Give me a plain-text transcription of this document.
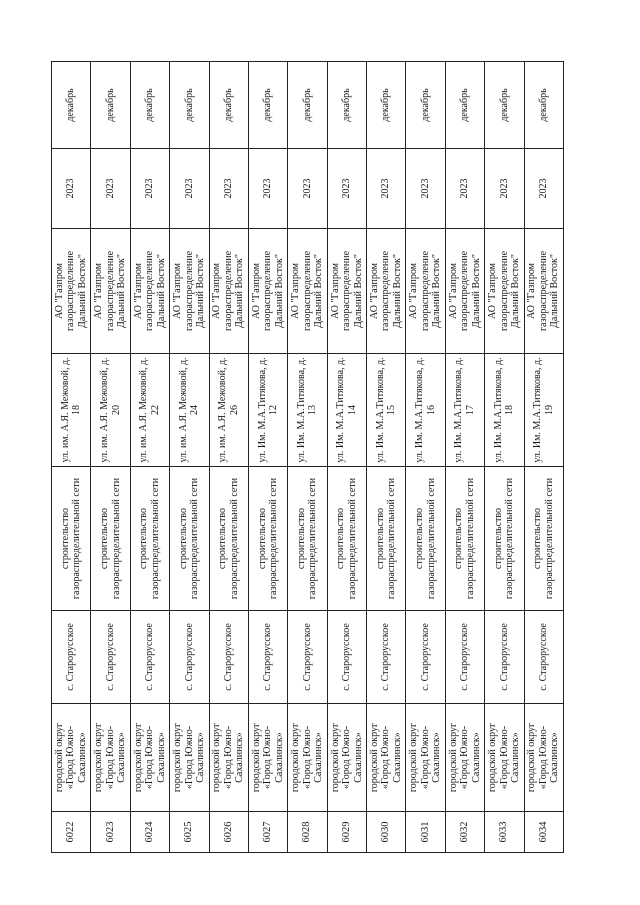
6022	городской округ «Город Южно-Сахалинск»	с. Старорусское	строительство газораспределительной сети	ул. им. А.Я. Межовой, д. 18	АО "Газпром газораспределение Дальний Восток"	2023	декабрь
6023	городской округ «Город Южно-Сахалинск»	с. Старорусское	строительство газораспределительной сети	ул. им. А.Я. Межовой, д. 20	АО "Газпром газораспределение Дальний Восток"	2023	декабрь
6024	городской округ «Город Южно-Сахалинск»	с. Старорусское	строительство газораспределительной сети	ул. им. А.Я. Межовой, д. 22	АО "Газпром газораспределение Дальний Восток"	2023	декабрь
6025	городской округ «Город Южно-Сахалинск»	с. Старорусское	строительство газораспределительной сети	ул. им. А.Я. Межовой, д. 24	АО "Газпром газораспределение Дальний Восток"	2023	декабрь
6026	городской округ «Город Южно-Сахалинск»	с. Старорусское	строительство газораспределительной сети	ул. им. А.Я. Межовой, д. 26	АО "Газпром газораспределение Дальний Восток"	2023	декабрь
6027	городской округ «Город Южно-Сахалинск»	с. Старорусское	строительство газораспределительной сети	ул. Им. М.А.Титякова, д. 12	АО "Газпром газораспределение Дальний Восток"	2023	декабрь
6028	городской округ «Город Южно-Сахалинск»	с. Старорусское	строительство газораспределительной сети	ул. Им. М.А.Титякова, д. 13	АО "Газпром газораспределение Дальний Восток"	2023	декабрь
6029	городской округ «Город Южно-Сахалинск»	с. Старорусское	строительство газораспределительной сети	ул. Им. М.А.Титякова, д. 14	АО "Газпром газораспределение Дальний Восток"	2023	декабрь
6030	городской округ «Город Южно-Сахалинск»	с. Старорусское	строительство газораспределительной сети	ул. Им. М.А.Титякова, д. 15	АО "Газпром газораспределение Дальний Восток"	2023	декабрь
6031	городской округ «Город Южно-Сахалинск»	с. Старорусское	строительство газораспределительной сети	ул. Им. М.А.Титякова, д. 16	АО "Газпром газораспределение Дальний Восток"	2023	декабрь
6032	городской округ «Город Южно-Сахалинск»	с. Старорусское	строительство газораспределительной сети	ул. Им. М.А.Титякова, д. 17	АО "Газпром газораспределение Дальний Восток"	2023	декабрь
6033	городской округ «Город Южно-Сахалинск»	с. Старорусское	строительство газораспределительной сети	ул. Им. М.А.Титякова, д. 18	АО "Газпром газораспределение Дальний Восток"	2023	декабрь
6034	городской округ «Город Южно-Сахалинск»	с. Старорусское	строительство газораспределительной сети	ул. Им. М.А.Титякова, д. 19	АО "Газпром газораспределение Дальний Восток"	2023	декабрь
